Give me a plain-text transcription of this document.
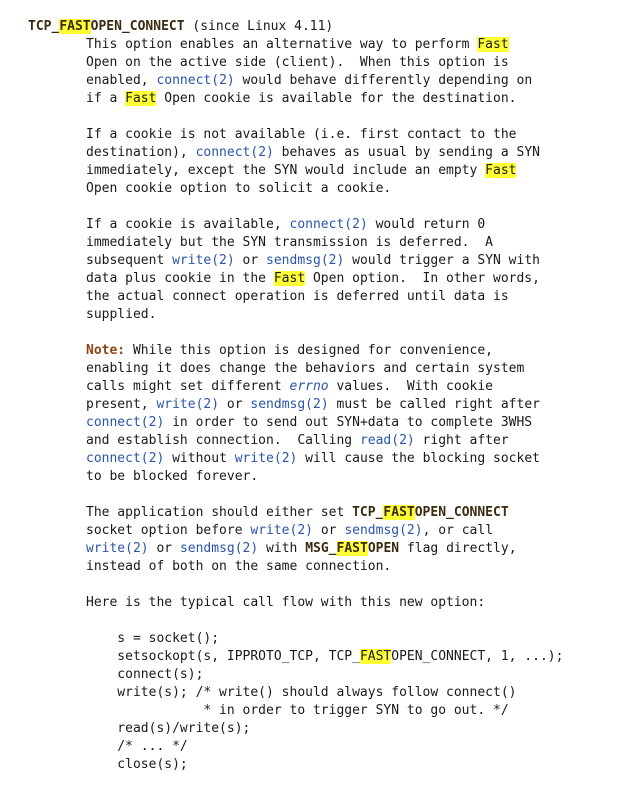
TCP_FASTOPEN_CONNECT (since Linux 4.11)
This option enables an alternative way to perform Fast
Open on the active side (client).  When this option is
enabled, connect(2) would behave differently depending on
if a Fast Open cookie is available for the destination.
If a cookie is not available (i.e. first contact to the
destination), connect(2) behaves as usual by sending a SYN
immediately, except the SYN would include an empty Fast
Open cookie option to solicit a cookie.
If a cookie is available, connect(2) would return 0
immediately but the SYN transmission is deferred.  A
subsequent write(2) or sendmsg(2) would trigger a SYN with
data plus cookie in the Fast Open option.  In other words,
the actual connect operation is deferred until data is
supplied.
Note: While this option is designed for convenience,
enabling it does change the behaviors and certain system
calls might set different errno values.  With cookie
present, write(2) or sendmsg(2) must be called right after
connect(2) in order to send out SYN+data to complete 3WHS
and establish connection.  Calling read(2) right after
connect(2) without write(2) will cause the blocking socket
to be blocked forever.
The application should either set TCP_FASTOPEN_CONNECT
socket option before write(2) or sendmsg(2), or call
write(2) or sendmsg(2) with MSG_FASTOPEN flag directly,
instead of both on the same connection.
Here is the typical call flow with this new option:
s = socket();
setsockopt(s, IPPROTO_TCP, TCP_FASTOPEN_CONNECT, 1, ...);
connect(s);
write(s); /* write() should always follow connect()
* in order to trigger SYN to go out. */
read(s)/write(s);
/* ... */
close(s);
